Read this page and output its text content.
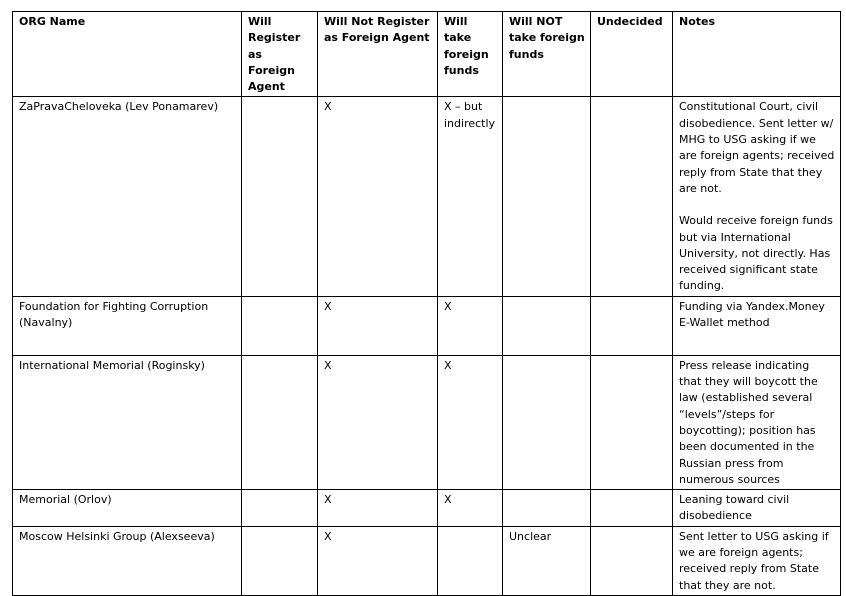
ORG Name	Will Register as Foreign Agent	Will Not Register as Foreign Agent	Will take foreign funds	Will NOT take foreign funds	Undecided	Notes
ZaPravaCheloveka (Lev Ponamarev)		X	X – but indirectly			Constitutional Court, civil disobedience. Sent letter w/ MHG to USG asking if we are foreign agents; received reply from State that they are not.
Would receive foreign funds but via International University, not directly. Has received significant state funding.

Foundation for Fighting Corruption (Navalny)		X	X			Funding via Yandex.Money E-Wallet method

International Memorial (Roginsky)		X	X			Press release indicating that they will boycott the law (established several “levels”/steps for boycotting); position has been documented in the Russian press from numerous sources

Memorial (Orlov)		X	X			Leaning toward civil disobedience

Moscow Helsinki Group (Alexseeva)		X		Unclear		Sent letter to USG asking if we are foreign agents; received reply from State that they are not.
